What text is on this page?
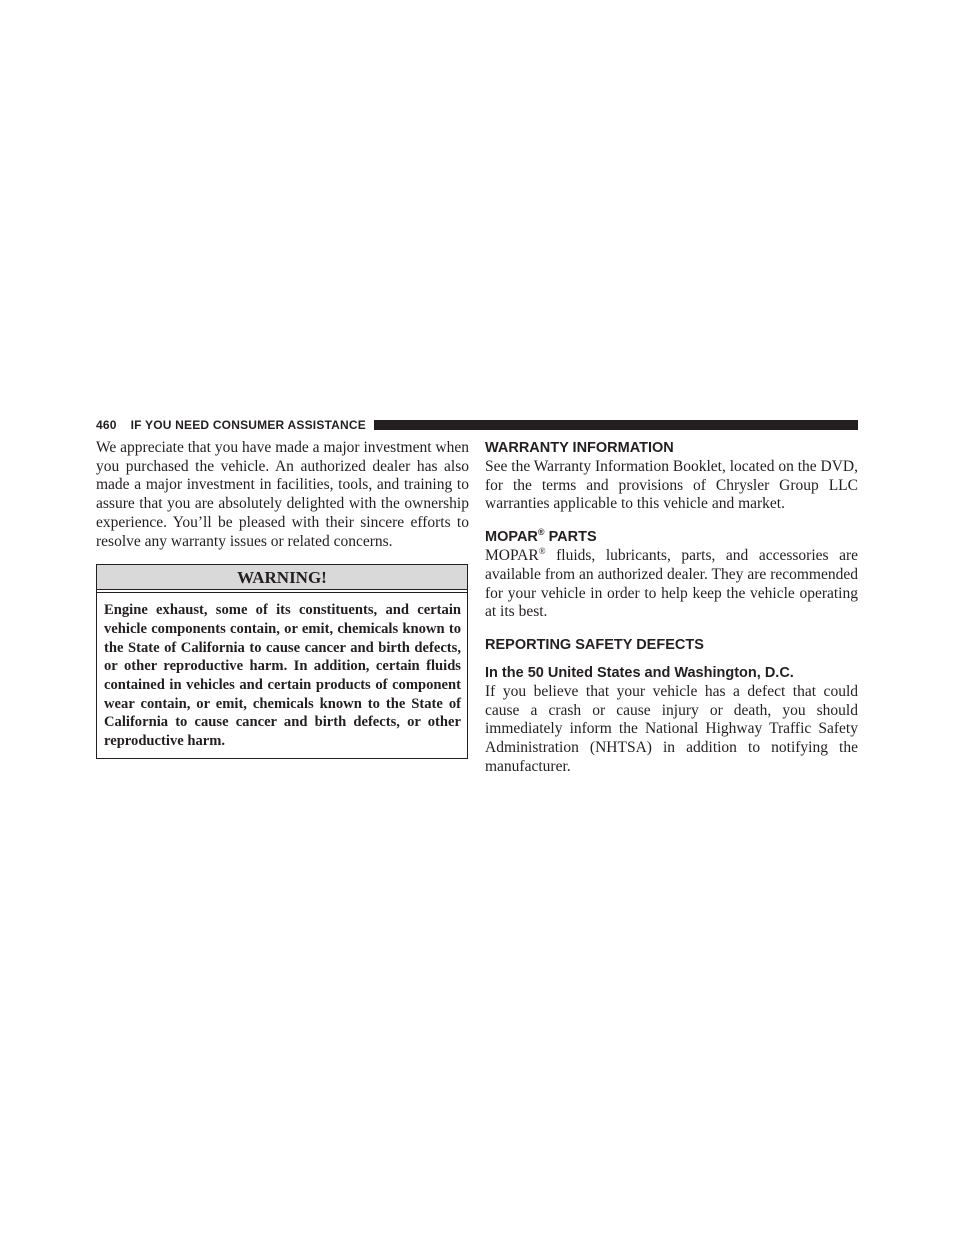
460 IF YOU NEED CONSUMER ASSISTANCE

We appreciate that you have made a major investment when you purchased the vehicle. An authorized dealer has also made a major investment in facilities, tools, and training to assure that you are absolutely delighted with the ownership experience. You’ll be pleased with their sincere efforts to resolve any warranty issues or related concerns.

WARNING!
Engine exhaust, some of its constituents, and certain vehicle components contain, or emit, chemicals known to the State of California to cause cancer and birth defects, or other reproductive harm. In addition, certain fluids contained in vehicles and certain products of component wear contain, or emit, chemicals known to the State of California to cause cancer and birth defects, or other reproductive harm.
WARRANTY INFORMATION

See the Warranty Information Booklet, located on the DVD, for the terms and provisions of Chrysler Group LLC warranties applicable to this vehicle and market.

MOPAR® PARTS

MOPAR® fluids, lubricants, parts, and accessories are available from an authorized dealer. They are recommended for your vehicle in order to help keep the vehicle operating at its best.

REPORTING SAFETY DEFECTS
In the 50 United States and Washington, D.C.

If you believe that your vehicle has a defect that could cause a crash or cause injury or death, you should immediately inform the National Highway Traffic Safety Administration (NHTSA) in addition to notifying the manufacturer.
